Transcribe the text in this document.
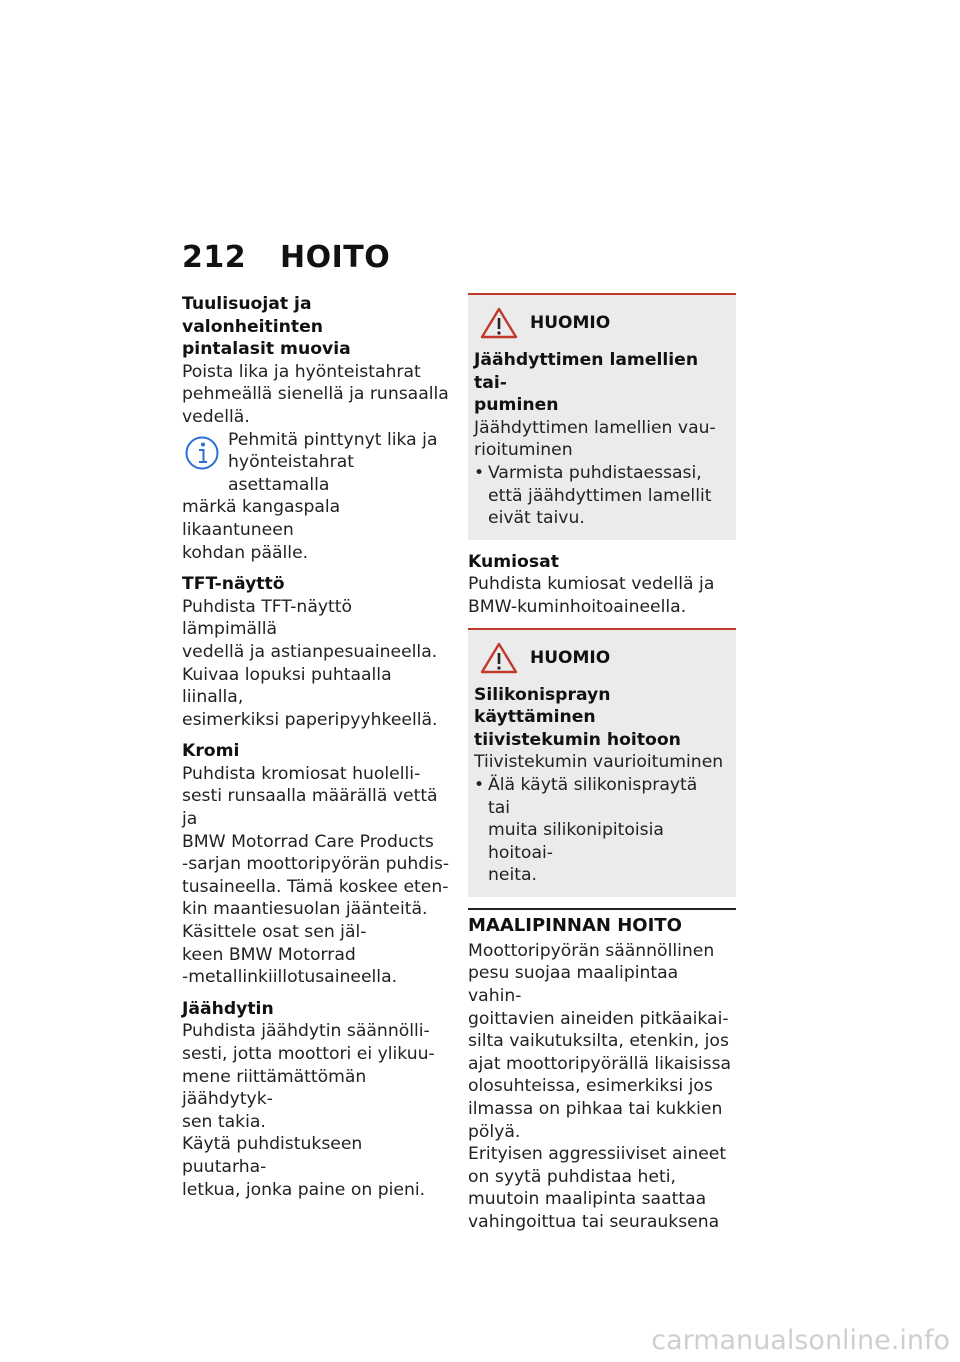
212 HOITO
Tuulisuojat ja valonheitinten
pintalasit muovia
Poista lika ja hyönteistahrat
pehmeällä sienellä ja runsaalla
vedellä.
Pehmitä pinttynyt lika ja
hyönteistahrat asettamalla
märkä kangaspala likaantuneen
kohdan päälle.
TFT-näyttö
Puhdista TFT-näyttö lämpimällä
vedellä ja astianpesuaineella.
Kuivaa lopuksi puhtaalla liinalla,
esimerkiksi paperipyyhkeellä.
Kromi
Puhdista kromiosat huolelli-
sesti runsaalla määrällä vettä ja
BMW Motorrad Care Products
-sarjan moottoripyörän puhdis-
tusaineella. Tämä koskee eten-
kin maantiesuolan jäänteitä.
Käsittele osat sen jäl-
keen BMW Motorrad
-metallinkiillotusaineella.
Jäähdytin
Puhdista jäähdytin säännölli-
sesti, jotta moottori ei ylikuu-
mene riittämättömän jäähdytyk-
sen takia.
Käytä puhdistukseen puutarha-
letkua, jonka paine on pieni.
HUOMIO
Jäähdyttimen lamellien tai-
puminen
Jäähdyttimen lamellien vau-
rioituminen
• Varmista puhdistaessasi,
että jäähdyttimen lamellit
eivät taivu.
Kumiosat
Puhdista kumiosat vedellä ja
BMW-kuminhoitoaineella.
HUOMIO
Silikonisprayn käyttäminen
tiivistekumin hoitoon
Tiivistekumin vaurioituminen
• Älä käytä silikonispraytä tai
muita silikonipitoisia hoitoai-
neita.
MAALIPINNAN HOITO
Moottoripyörän säännöllinen
pesu suojaa maalipintaa vahin-
goittavien aineiden pitkäaikai-
silta vaikutuksilta, etenkin, jos
ajat moottoripyörällä likaisissa
olosuhteissa, esimerkiksi jos
ilmassa on pihkaa tai kukkien
pölyä.
Erityisen aggressiiviset aineet
on syytä puhdistaa heti,
muutoin maalipinta saattaa
vahingoittua tai seurauksena
carmanualsonline.info
